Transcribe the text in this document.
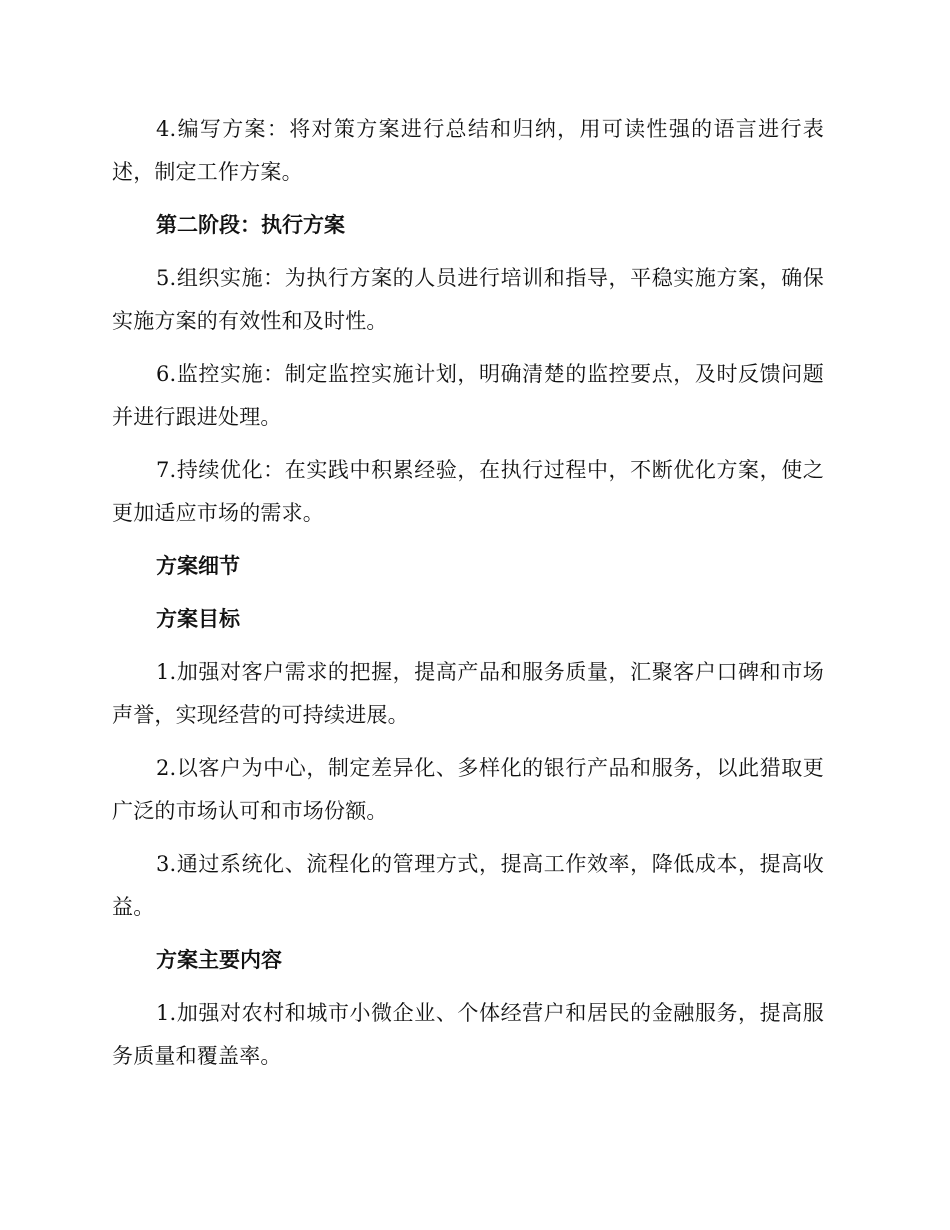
4.编写方案：将对策方案进行总结和归纳，用可读性强的语言进行表述，制定工作方案。

第二阶段：执行方案

5.组织实施：为执行方案的人员进行培训和指导，平稳实施方案，确保实施方案的有效性和及时性。

6.监控实施：制定监控实施计划，明确清楚的监控要点，及时反馈问题并进行跟进处理。

7.持续优化：在实践中积累经验，在执行过程中，不断优化方案，使之更加适应市场的需求。

方案细节

方案目标

1.加强对客户需求的把握，提高产品和服务质量，汇聚客户口碑和市场声誉，实现经营的可持续进展。

2.以客户为中心，制定差异化、多样化的银行产品和服务，以此猎取更广泛的市场认可和市场份额。

3.通过系统化、流程化的管理方式，提高工作效率，降低成本，提高收益。

方案主要内容

1.加强对农村和城市小微企业、个体经营户和居民的金融服务，提高服务质量和覆盖率。
